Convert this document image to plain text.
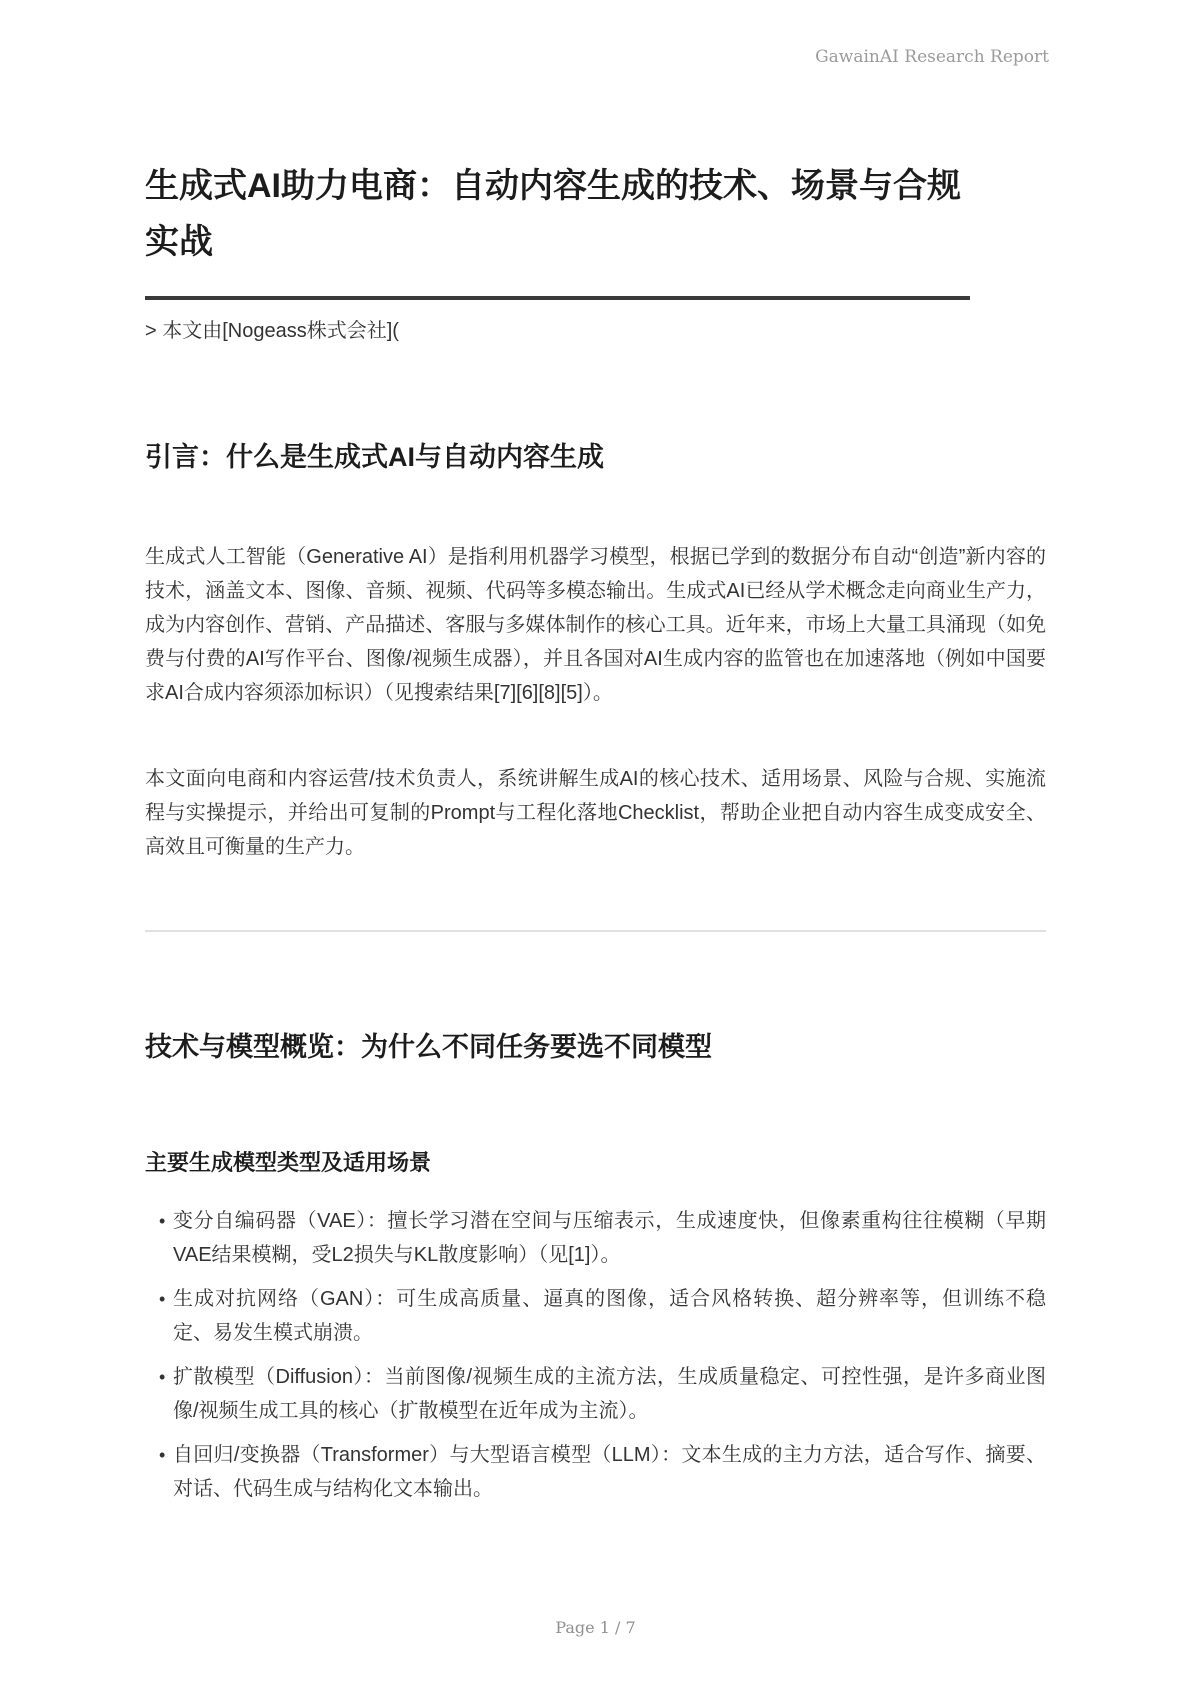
GawainAI Research Report
生成式AI助力电商：自动内容生成的技术、场景与合规实战

> 本文由[Nogeass株式会社](

引言：什么是生成式AI与自动内容生成

生成式人工智能（Generative AI）是指利用机器学习模型，根据已学到的数据分布自动“创造”新内容的技术，涵盖文本、图像、音频、视频、代码等多模态输出。生成式AI已经从学术概念走向商业生产力，成为内容创作、营销、产品描述、客服与多媒体制作的核心工具。近年来，市场上大量工具涌现（如免费与付费的AI写作平台、图像/视频生成器），并且各国对AI生成内容的监管也在加速落地（例如中国要求AI合成内容须添加标识）（见搜索结果[7][6][8][5]）。

本文面向电商和内容运营/技术负责人，系统讲解生成AI的核心技术、适用场景、风险与合规、实施流程与实操提示，并给出可复制的Prompt与工程化落地Checklist，帮助企业把自动内容生成变成安全、高效且可衡量的生产力。

技术与模型概览：为什么不同任务要选不同模型
主要生成模型类型及适用场景
• 变分自编码器（VAE）：擅长学习潜在空间与压缩表示，生成速度快，但像素重构往往模糊（早期VAE结果模糊，受L2损失与KL散度影响）（见[1]）。
• 生成对抗网络（GAN）：可生成高质量、逼真的图像，适合风格转换、超分辨率等，但训练不稳定、易发生模式崩溃。
• 扩散模型（Diffusion）：当前图像/视频生成的主流方法，生成质量稳定、可控性强，是许多商业图像/视频生成工具的核心（扩散模型在近年成为主流）。
• 自回归/变换器（Transformer）与大型语言模型（LLM）：文本生成的主力方法，适合写作、摘要、对话、代码生成与结构化文本输出。
Page 1 / 7
